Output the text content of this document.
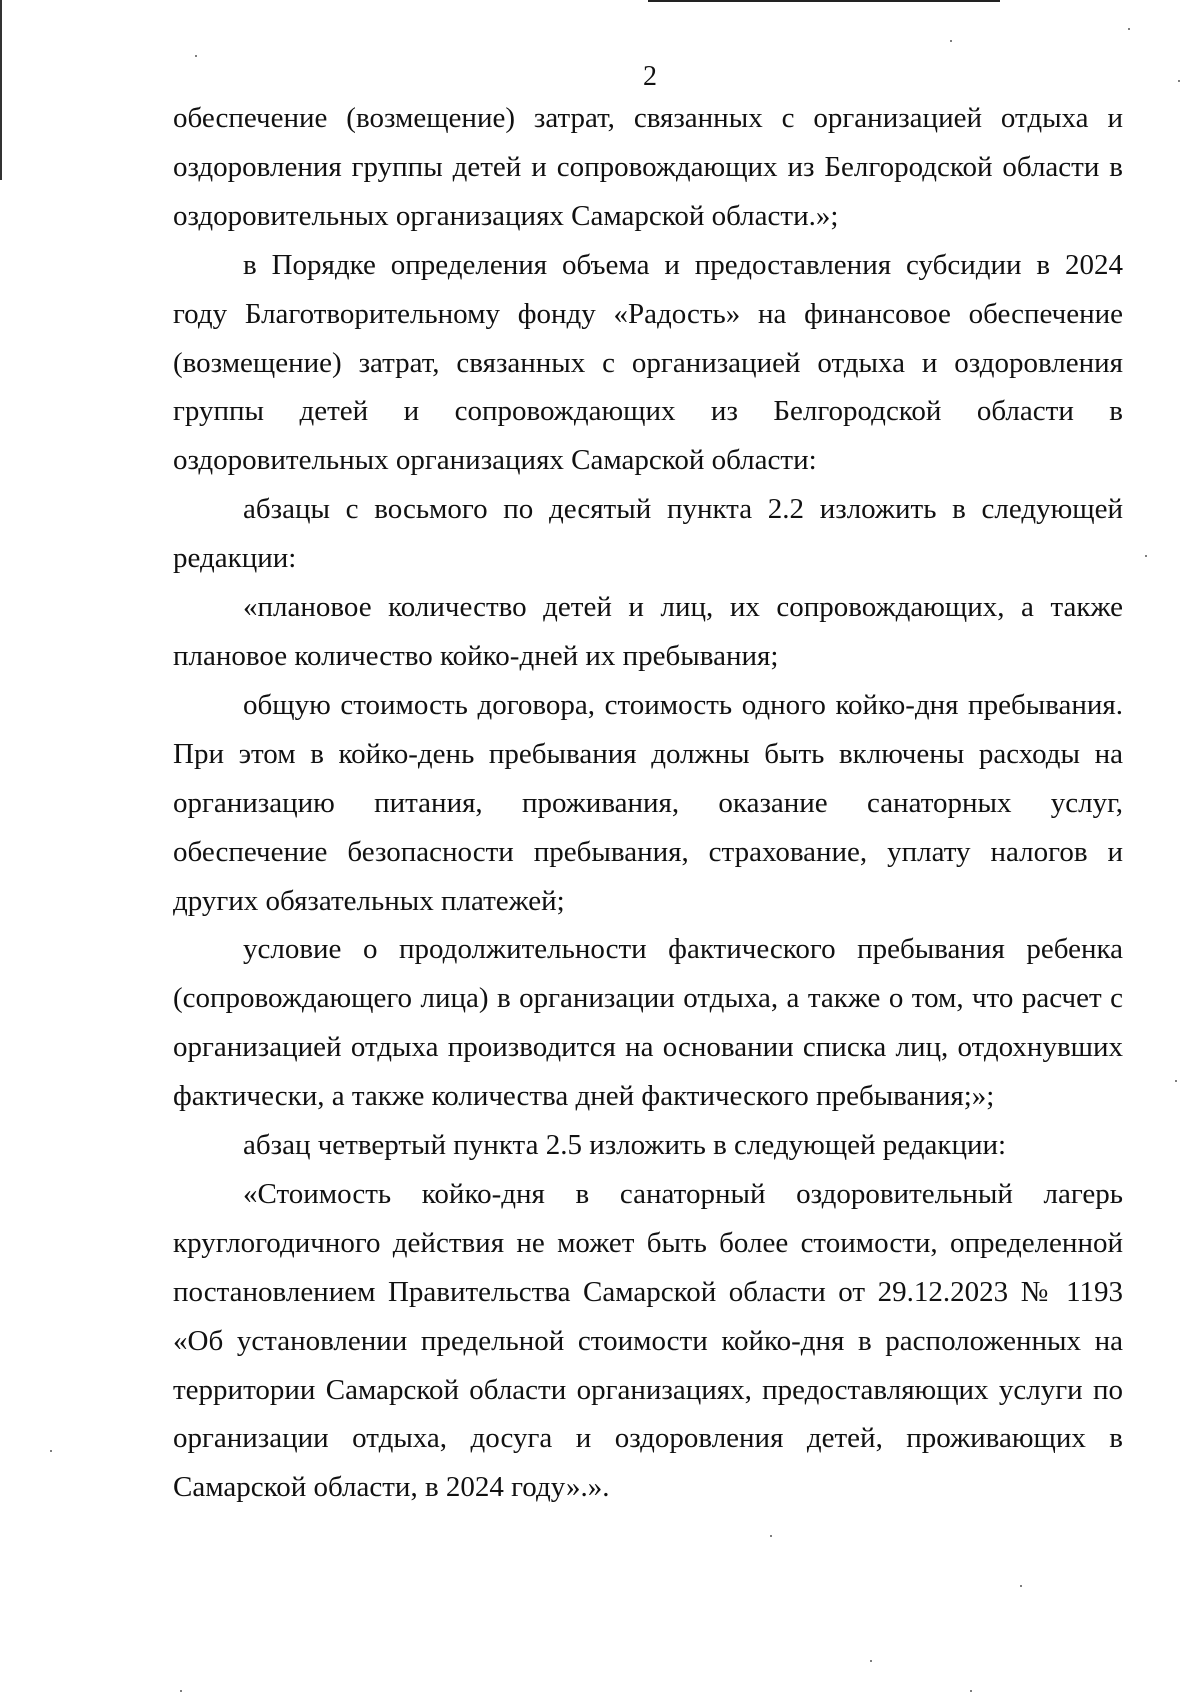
2

обеспечение (возмещение) затрат, связанных с организацией отдыха и оздоровления группы детей и сопровождающих из Белгородской области в оздоровительных организациях Самарской области.»;

в Порядке определения объема и предоставления субсидии в 2024 году Благотворительному фонду «Радость» на финансовое обеспечение (возмещение) затрат, связанных с организацией отдыха и оздоровления группы детей и сопровождающих из Белгородской области в оздоровительных организациях Самарской области:

абзацы с восьмого по десятый пункта 2.2 изложить в следующей редакции:

«плановое количество детей и лиц, их сопровождающих, а также плановое количество койко-дней их пребывания;

общую стоимость договора, стоимость одного койко-дня пребывания. При этом в койко-день пребывания должны быть включены расходы на организацию питания, проживания, оказание санаторных услуг, обеспечение безопасности пребывания, страхование, уплату налогов и других обязательных платежей;

условие о продолжительности фактического пребывания ребенка (сопровождающего лица) в организации отдыха, а также о том, что расчет с организацией отдыха производится на основании списка лиц, отдохнувших фактически, а также количества дней фактического пребывания;»;

абзац четвертый пункта 2.5 изложить в следующей редакции:

«Стоимость койко-дня в санаторный оздоровительный лагерь круглогодичного действия не может быть более стоимости, определенной постановлением Правительства Самарской области от 29.12.2023 № 1193 «Об установлении предельной стоимости койко-дня в расположенных на территории Самарской области организациях, предоставляющих услуги по организации отдыха, досуга и оздоровления детей, проживающих в Самарской области, в 2024 году».».
